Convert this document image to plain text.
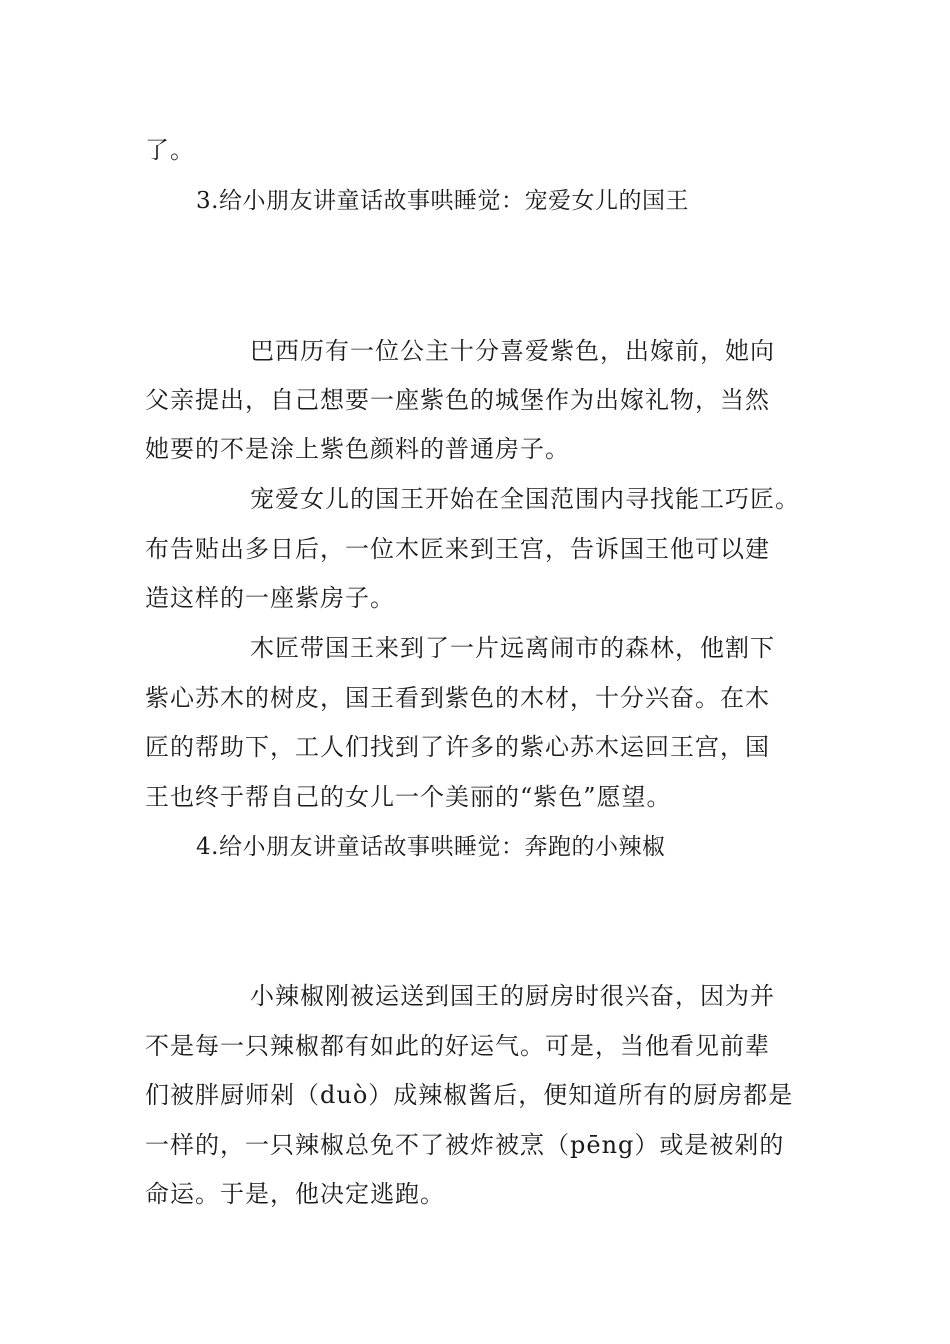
了。
3.给小朋友讲童话故事哄睡觉：宠爱女儿的国王
巴西历有一位公主十分喜爱紫色，出嫁前，她向
父亲提出，自己想要一座紫色的城堡作为出嫁礼物，当然
她要的不是涂上紫色颜料的普通房子。
宠爱女儿的国王开始在全国范围内寻找能工巧匠。
布告贴出多日后，一位木匠来到王宫，告诉国王他可以建
造这样的一座紫房子。
木匠带国王来到了一片远离闹市的森林，他割下
紫心苏木的树皮，国王看到紫色的木材，十分兴奋。在木
匠的帮助下，工人们找到了许多的紫心苏木运回王宫，国
王也终于帮自己的女儿一个美丽的“紫色”愿望。
4.给小朋友讲童话故事哄睡觉：奔跑的小辣椒
小辣椒刚被运送到国王的厨房时很兴奋，因为并
不是每一只辣椒都有如此的好运气。可是，当他看见前辈
们被胖厨师剁（duò）成辣椒酱后，便知道所有的厨房都是
一样的，一只辣椒总免不了被炸被烹（pēng）或是被剁的
命运。于是，他决定逃跑。
